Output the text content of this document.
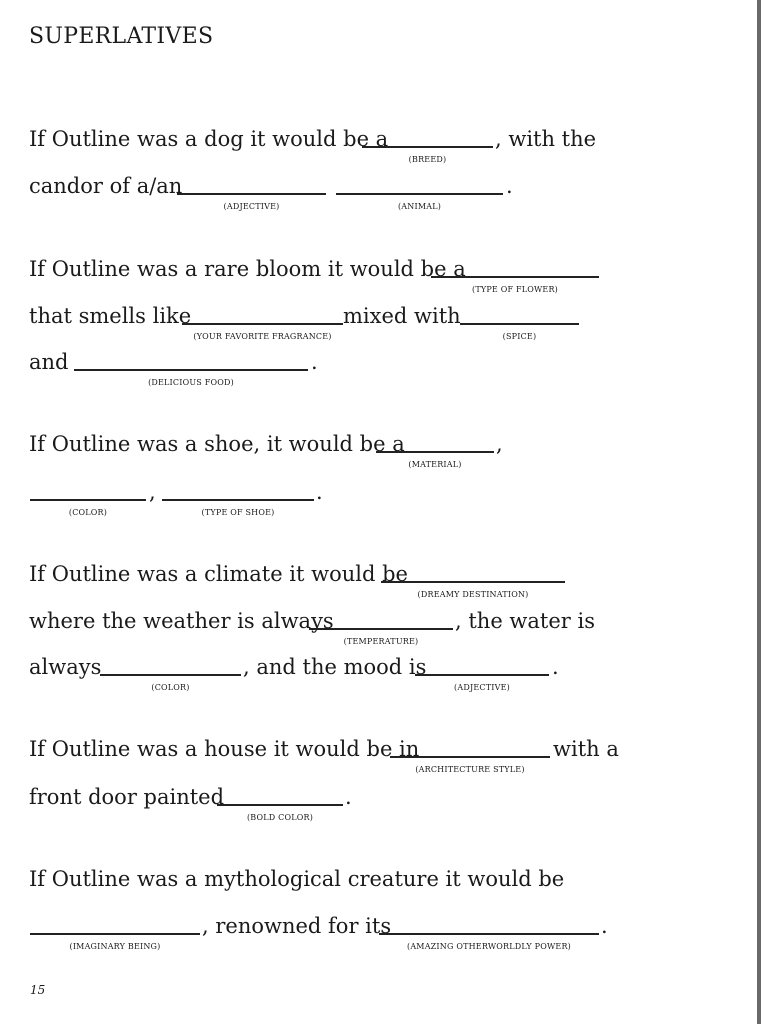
SUPERLATIVES
If Outline was a dog it would be a
(BREED)
, with the
candor of a/an
(ADJECTIVE)	(ANIMAL)
.
If Outline was a rare bloom it would be a
(TYPE OF FLOWER)
that smells like
(YOUR FAVORITE FRAGRANCE)
mixed with
(SPICE)
and
(DELICIOUS FOOD)
.
If Outline was a shoe, it would be a
(MATERIAL)
,
(COLOR)
,
(TYPE OF SHOE)
.
If Outline was a climate it would be
(DREAMY DESTINATION)
where the weather is always
(TEMPERATURE)
, the water is
always
(COLOR)
, and the mood is
(ADJECTIVE)
.
If Outline was a house it would be in
(ARCHITECTURE STYLE)
with a
front door painted
(BOLD COLOR)
.
If Outline was a mythological creature it would be
(IMAGINARY BEING)
, renowned for its
(AMAZING OTHERWORLDLY POWER)
.
15
